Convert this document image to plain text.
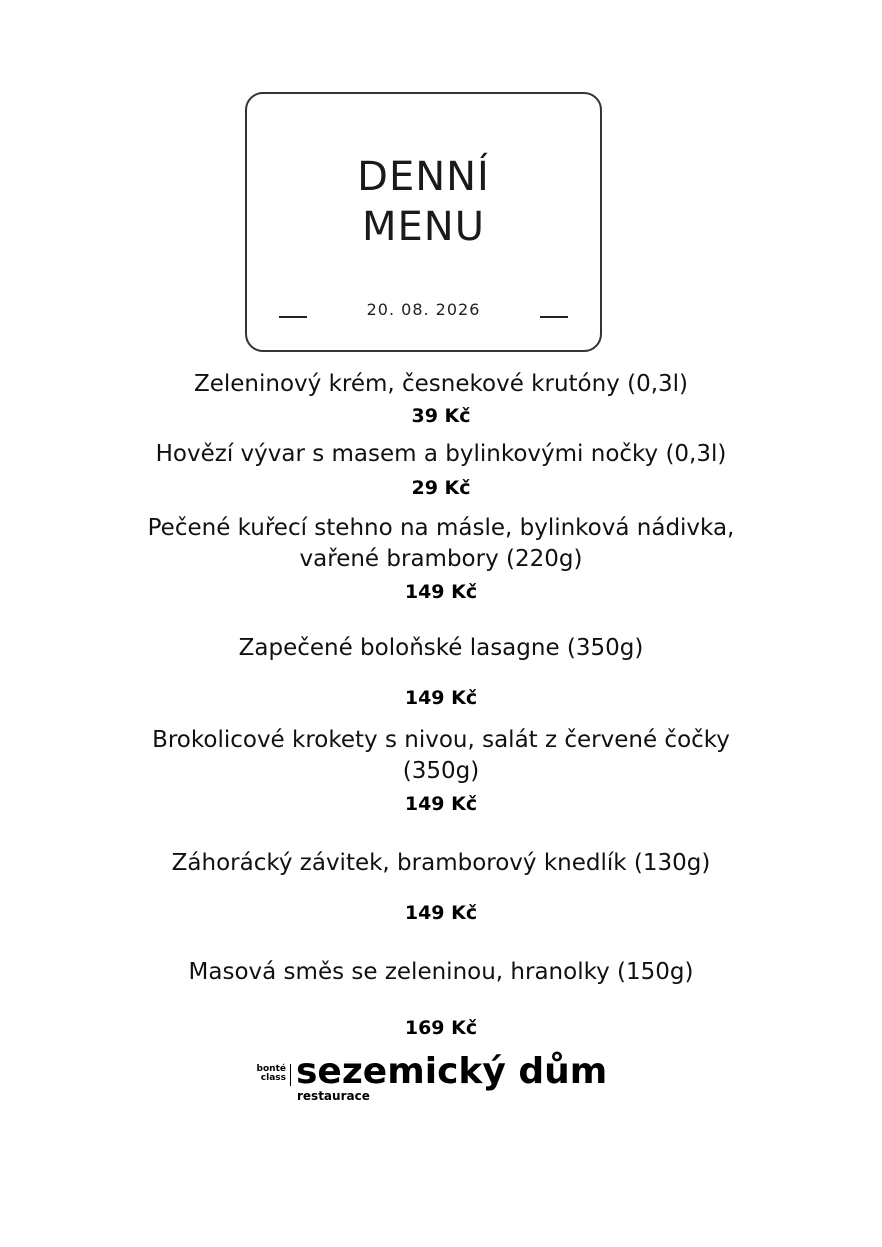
DENNÍ
MENU
20. 08. 2026
Zeleninový krém, česnekové krutóny (0,3l)
39 Kč
Hovězí vývar s masem a bylinkovými nočky (0,3l)
29 Kč
Pečené kuřecí stehno na máslе, bylinková nádivka,
vařené brambory (220g)
149 Kč
Zapečené boloňské lasagne (350g)
149 Kč
Brokolicové krokety s nivou, salát z červené čočky
(350g)
149 Kč
Záhorácký závitek, bramborový knedlík (130g)
149 Kč
Masová směs se zeleninou, hranolky (150g)
169 Kč
bonté
class sezemický dům
restaurace
